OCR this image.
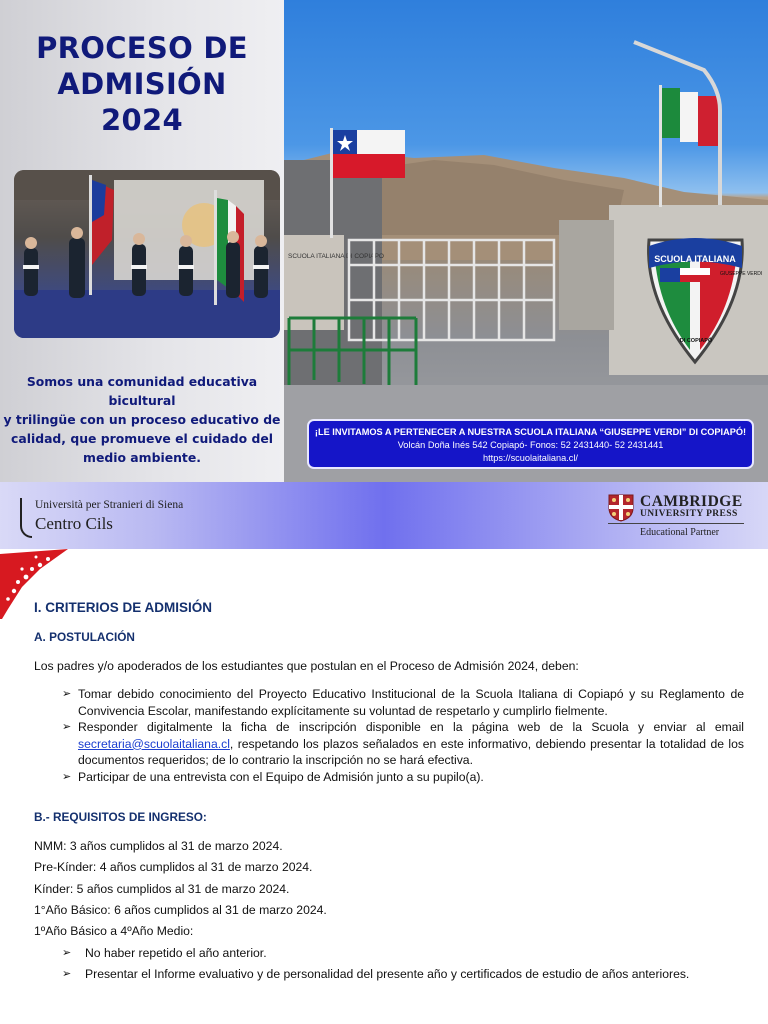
PROCESO DE
ADMISIÓN
2024
Somos una comunidad educativa bicultural
y trilingüe con un proceso educativo de
calidad, que promueve el cuidado del
medio ambiente.
SCUOLA ITALIANA DI COPIAPO	SCUOLA ITALIANA
GIUSEPPE VERDI
DI COPIAPÓ
¡LE INVITAMOS A PERTENECER A NUESTRA SCUOLA ITALIANA “GIUSEPPE VERDI” DI COPIAPÓ!
Volcán Doña Inés 542 Copiapó- Fonos: 52 2431440- 52 2431441
https://scuolaitaliana.cl/
Università per Stranieri di Siena
Centro Cils
CAMBRIDGE
UNIVERSITY PRESS
Educational Partner
I. CRITERIOS DE ADMISIÓN
A. POSTULACIÓN
Los padres y/o apoderados de los estudiantes que postulan en el Proceso de Admisión 2024, deben:
➢ Tomar debido conocimiento del Proyecto Educativo Institucional de la Scuola Italiana di Copiapó y su Reglamento de Convivencia Escolar, manifestando explícitamente su voluntad de respetarlo y cumplirlo fielmente.
➢ Responder digitalmente la ficha de inscripción disponible en la página web de la Scuola y enviar al email secretaria@scuolaitaliana.cl, respetando los plazos señalados en este informativo, debiendo presentar la totalidad de los documentos requeridos; de lo contrario la inscripción no se hará efectiva.
➢ Participar de una entrevista con el Equipo de Admisión junto a su pupilo(a).
B.- REQUISITOS DE INGRESO:
NMM: 3 años cumplidos al 31 de marzo 2024.
Pre-Kínder: 4 años cumplidos al 31 de marzo 2024.
Kínder: 5 años cumplidos al 31 de marzo 2024.
1°Año Básico: 6 años cumplidos al 31 de marzo 2024.
1ºAño Básico a 4ºAño Medio:
➢ No haber repetido el año anterior.
➢ Presentar el Informe evaluativo y de personalidad del presente año y certificados de estudio de años anteriores.
